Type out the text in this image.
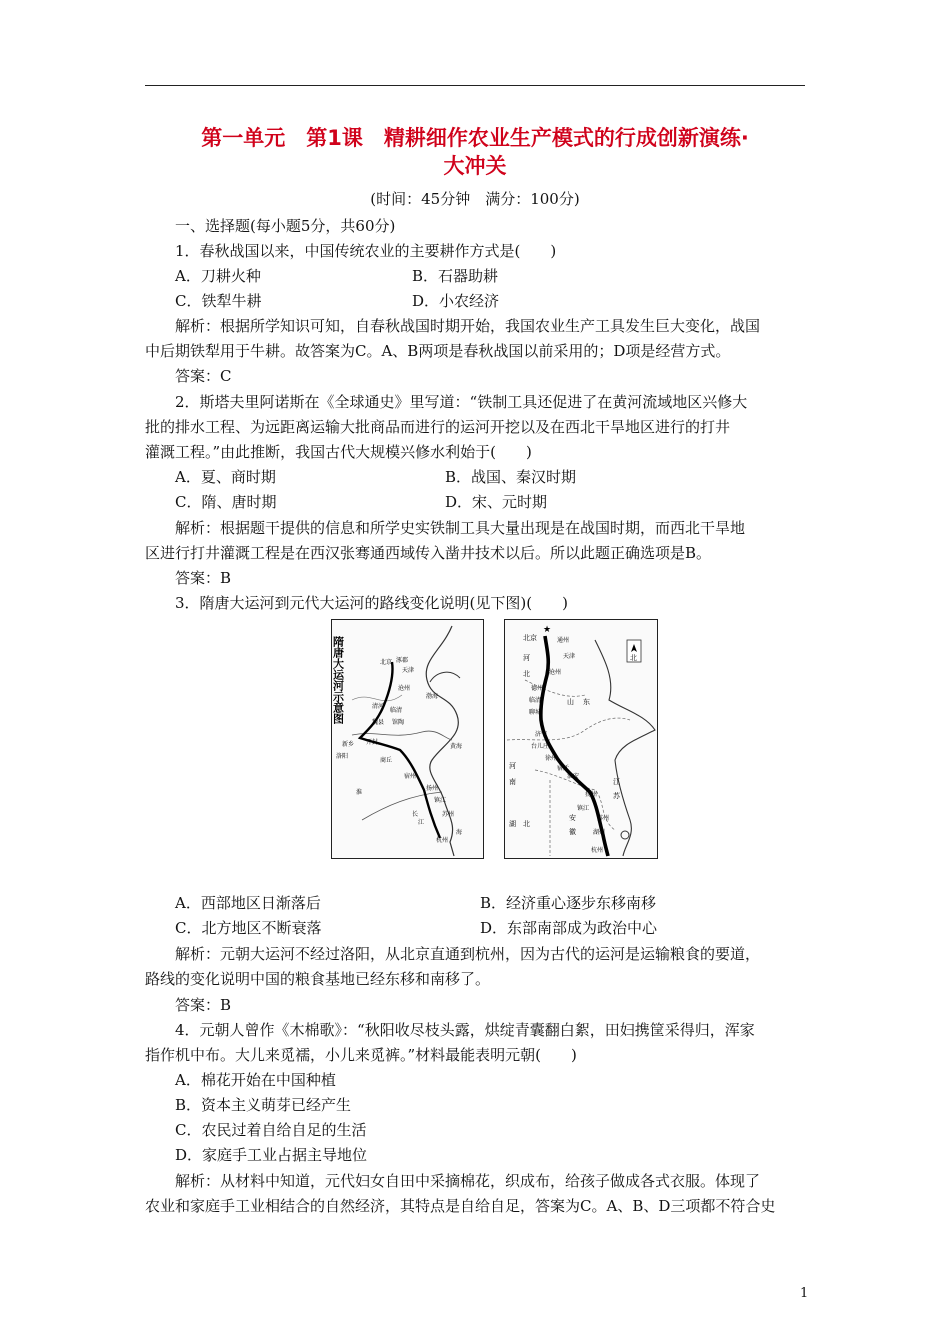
第一单元　第1课　精耕细作农业生产模式的行成创新演练·
大冲关
(时间：45分钟　满分：100分)
一、选择题(每小题5分，共60分)
1．春秋战国以来，中国传统农业的主要耕作方式是(　　)
A．刀耕火种	B．石器助耕
C．铁犁牛耕	D．小农经济
解析：根据所学知识可知，自春秋战国时期开始，我国农业生产工具发生巨大变化，战国
中后期铁犁用于牛耕。故答案为C。A、B两项是春秋战国以前采用的；D项是经营方式。
答案：C
2．斯塔夫里阿诺斯在《全球通史》里写道：“铁制工具还促进了在黄河流域地区兴修大
批的排水工程、为远距离运输大批商品而进行的运河开挖以及在西北干旱地区进行的打井
灌溉工程。”由此推断，我国古代大规模兴修水利始于(　　)
A．夏、商时期	B．战国、秦汉时期
C．隋、唐时期	D．宋、元时期
解析：根据题干提供的信息和所学史实铁制工具大量出现是在战国时期，而西北干旱地
区进行打井灌溉工程是在西汉张骞通西域传入凿井技术以后。所以此题正确选项是B。
答案：B
3．隋唐大运河到元代大运河的路线变化说明(见下图)(　　)
隋唐大运河示意图	北京 涿郡
天津
沧州
渤海
清河
临清
魏县 馆陶
新乡 开封
洛阳
商丘
黄海
宿州
扬州
镇江
长
江
淮
苏州
杭州
海
北京
★
通州
天津
河
北	沧州
德州
临清
聊城
山 东
济宁
台儿庄
徐州
淮安
宿迁
扬州
镇江
苏州
湖州
杭州
江
苏
安
徽
河
南
湖 北
北
A．西部地区日渐落后	B．经济重心逐步东移南移
C．北方地区不断衰落	D．东部南部成为政治中心
解析：元朝大运河不经过洛阳，从北京直通到杭州，因为古代的运河是运输粮食的要道，
路线的变化说明中国的粮食基地已经东移和南移了。
答案：B
4．元朝人曾作《木棉歌》：“秋阳收尽枝头露，烘绽青囊翻白絮，田妇携筐采得归，浑家
指作机中布。大儿来觅襦，小儿来觅裤。”材料最能表明元朝(　　)
A．棉花开始在中国种植
B．资本主义萌芽已经产生
C．农民过着自给自足的生活
D．家庭手工业占据主导地位
解析：从材料中知道，元代妇女自田中采摘棉花，织成布，给孩子做成各式衣服。体现了
农业和家庭手工业相结合的自然经济，其特点是自给自足，答案为C。A、B、D三项都不符合史
1
